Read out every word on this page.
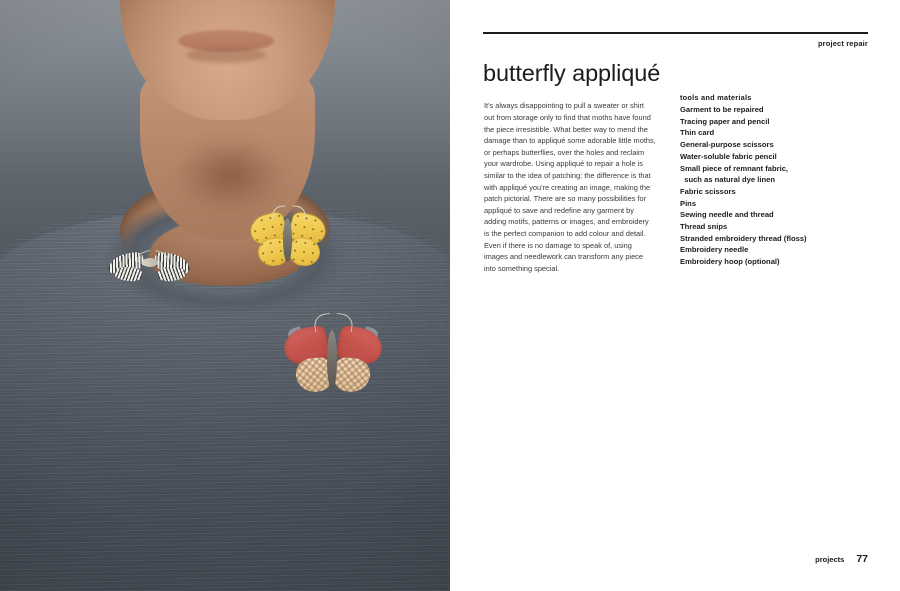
project repair
butterfly appliqué

It's always disappointing to pull a sweater or shirt out from storage only to find that moths have found the piece irresistible. What better way to mend the damage than to appliqué some adorable little moths, or perhaps butterflies, over the holes and reclaim your wardrobe. Using appliqué to repair a hole is similar to the idea of patching; the difference is that with appliqué you're creating an image, making the patch pictorial. There are so many possibilities for appliqué to save and redefine any garment by adding motifs, patterns or images, and embroidery is the perfect companion to add colour and detail. Even if there is no damage to speak of, using images and needlework can transform any piece into something special.

tools and materials
Garment to be repaired
Tracing paper and pencil
Thin card
General-purpose scissors
Water-soluble fabric pencil
Small piece of remnant fabric,
such as natural dye linen
Fabric scissors
Pins
Sewing needle and thread
Thread snips
Stranded embroidery thread (floss)
Embroidery needle
Embroidery hoop (optional)
projects 77
